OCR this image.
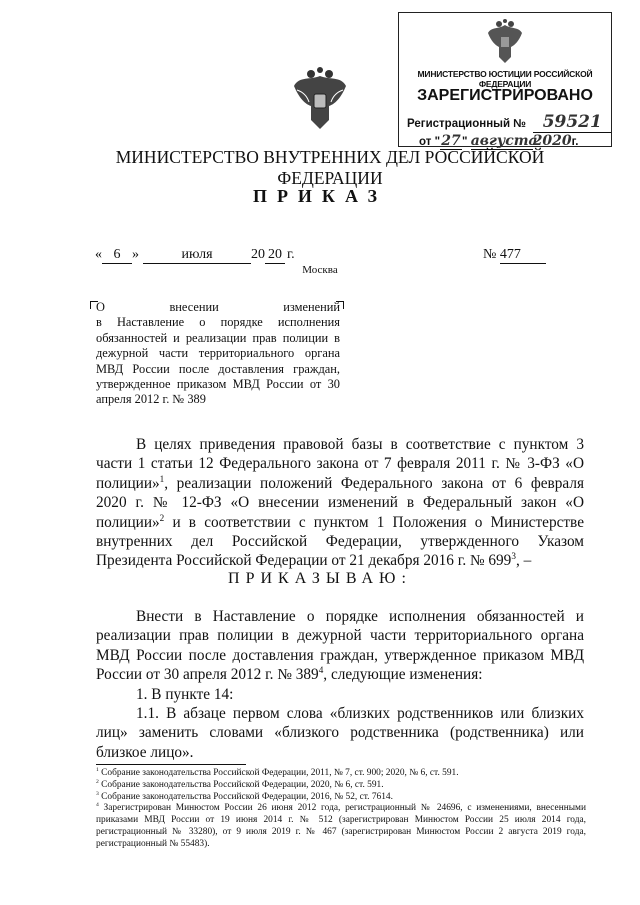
МИНИСТЕРСТВО ЮСТИЦИИ РОССИЙСКОЙ ФЕДЕРАЦИИ
ЗАРЕГИСТРИРОВАНО
Регистрационный № 59521
от "27" августа2020г.
МИНИСТЕРСТВО ВНУТРЕННИХ ДЕЛ РОССИЙСКОЙ ФЕДЕРАЦИИ
ПРИКАЗ
« 6 »	июля	20 20 г.
Москва
№ 477
О	внесении	изменений

в Наставление о порядке исполнения обязанностей и реализации прав полиции в дежурной части территориального органа МВД России после доставления граждан, утвержденное приказом МВД России от 30 апреля 2012 г. № 389

В целях приведения правовой базы в соответствие с пунктом 3 части 1 статьи 12 Федерального закона от 7 февраля 2011 г. № 3-ФЗ «О полиции»$^1$, реализации положений Федерального закона от 6 февраля 2020 г. № 12-ФЗ «О внесении изменений в Федеральный закон «О полиции»$^2$ и в соответствии с пунктом 1 Положения о Министерстве внутренних дел Российской Федерации, утвержденного Указом Президента Российской Федерации от 21 декабря 2016 г. № $699^3$, –

ПРИКАЗЫВАЮ:

Внести в Наставление о порядке исполнения обязанностей и реализации прав полиции в дежурной части территориального органа МВД России после доставления граждан, утвержденное приказом МВД России от 30 апреля 2012 г. № $389^4$, следующие изменения:

1. В пункте 14:

1.1. В абзаце первом слова «близких родственников или близких лиц» заменить словами «близкого родственника (родственника) или близкое лицо».

$^1$ Собрание законодательства Российской Федерации, 2011, № 7, ст. 900; 2020, № 6, ст. 591.

$^2$ Собрание законодательства Российской Федерации, 2020, № 6, ст. 591.

$^3$ Собрание законодательства Российской Федерации, 2016, № 52, ст. 7614.

$^4$ Зарегистрирован Минюстом России 26 июня 2012 года, регистрационный № 24696, с изменениями, внесенными приказами МВД России от 19 июня 2014 г. № 512 (зарегистрирован Минюстом России 25 июля 2014 года, регистрационный № 33280), от 9 июля 2019 г. № 467 (зарегистрирован Минюстом России 2 августа 2019 года, регистрационный № 55483).
